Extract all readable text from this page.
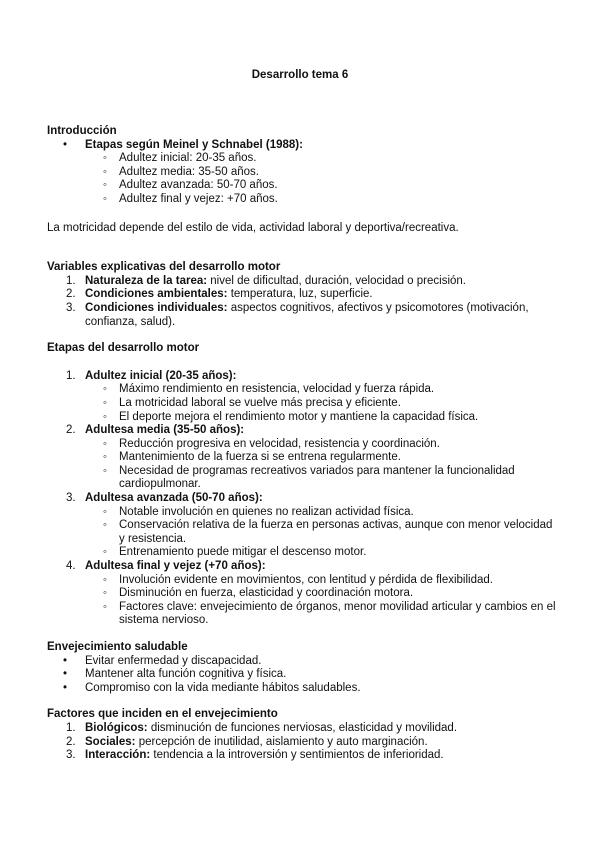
Desarrollo tema 6
Introducción
• Etapas según Meinel y Schnabel (1988):
◦ Adultez inicial: 20-35 años.
◦ Adultez media: 35-50 años.
◦ Adultez avanzada: 50-70 años.
◦ Adultez final y vejez: +70 años.

La motricidad depende del estilo de vida, actividad laboral y deportiva/recreativa.

Variables explicativas del desarrollo motor
1. Naturaleza de la tarea: nivel de dificultad, duración, velocidad o precisión.
2. Condiciones ambientales: temperatura, luz, superficie.
3. Condiciones individuales: aspectos cognitivos, afectivos y psicomotores (motivación, confianza, salud).
Etapas del desarrollo motor
1. Adultez inicial (20-35 años):
◦ Máximo rendimiento en resistencia, velocidad y fuerza rápida.
◦ La motricidad laboral se vuelve más precisa y eficiente.
◦ El deporte mejora el rendimiento motor y mantiene la capacidad física.
2. Adultesa media (35-50 años):
◦ Reducción progresiva en velocidad, resistencia y coordinación.
◦ Mantenimiento de la fuerza si se entrena regularmente.
◦ Necesidad de programas recreativos variados para mantener la funcionalidad cardiopulmonar.
3. Adultesa avanzada (50-70 años):
◦ Notable involución en quienes no realizan actividad física.
◦ Conservación relativa de la fuerza en personas activas, aunque con menor velocidad y resistencia.
◦ Entrenamiento puede mitigar el descenso motor.
4. Adultesa final y vejez (+70 años):
◦ Involución evidente en movimientos, con lentitud y pérdida de flexibilidad.
◦ Disminución en fuerza, elasticidad y coordinación motora.
◦ Factores clave: envejecimiento de órganos, menor movilidad articular y cambios en el sistema nervioso.
Envejecimiento saludable
• Evitar enfermedad y discapacidad.
• Mantener alta función cognitiva y física.
• Compromiso con la vida mediante hábitos saludables.
Factores que inciden en el envejecimiento
1. Biológicos: disminución de funciones nerviosas, elasticidad y movilidad.
2. Sociales: percepción de inutilidad, aislamiento y auto marginación.
3. Interacción: tendencia a la introversión y sentimientos de inferioridad.
